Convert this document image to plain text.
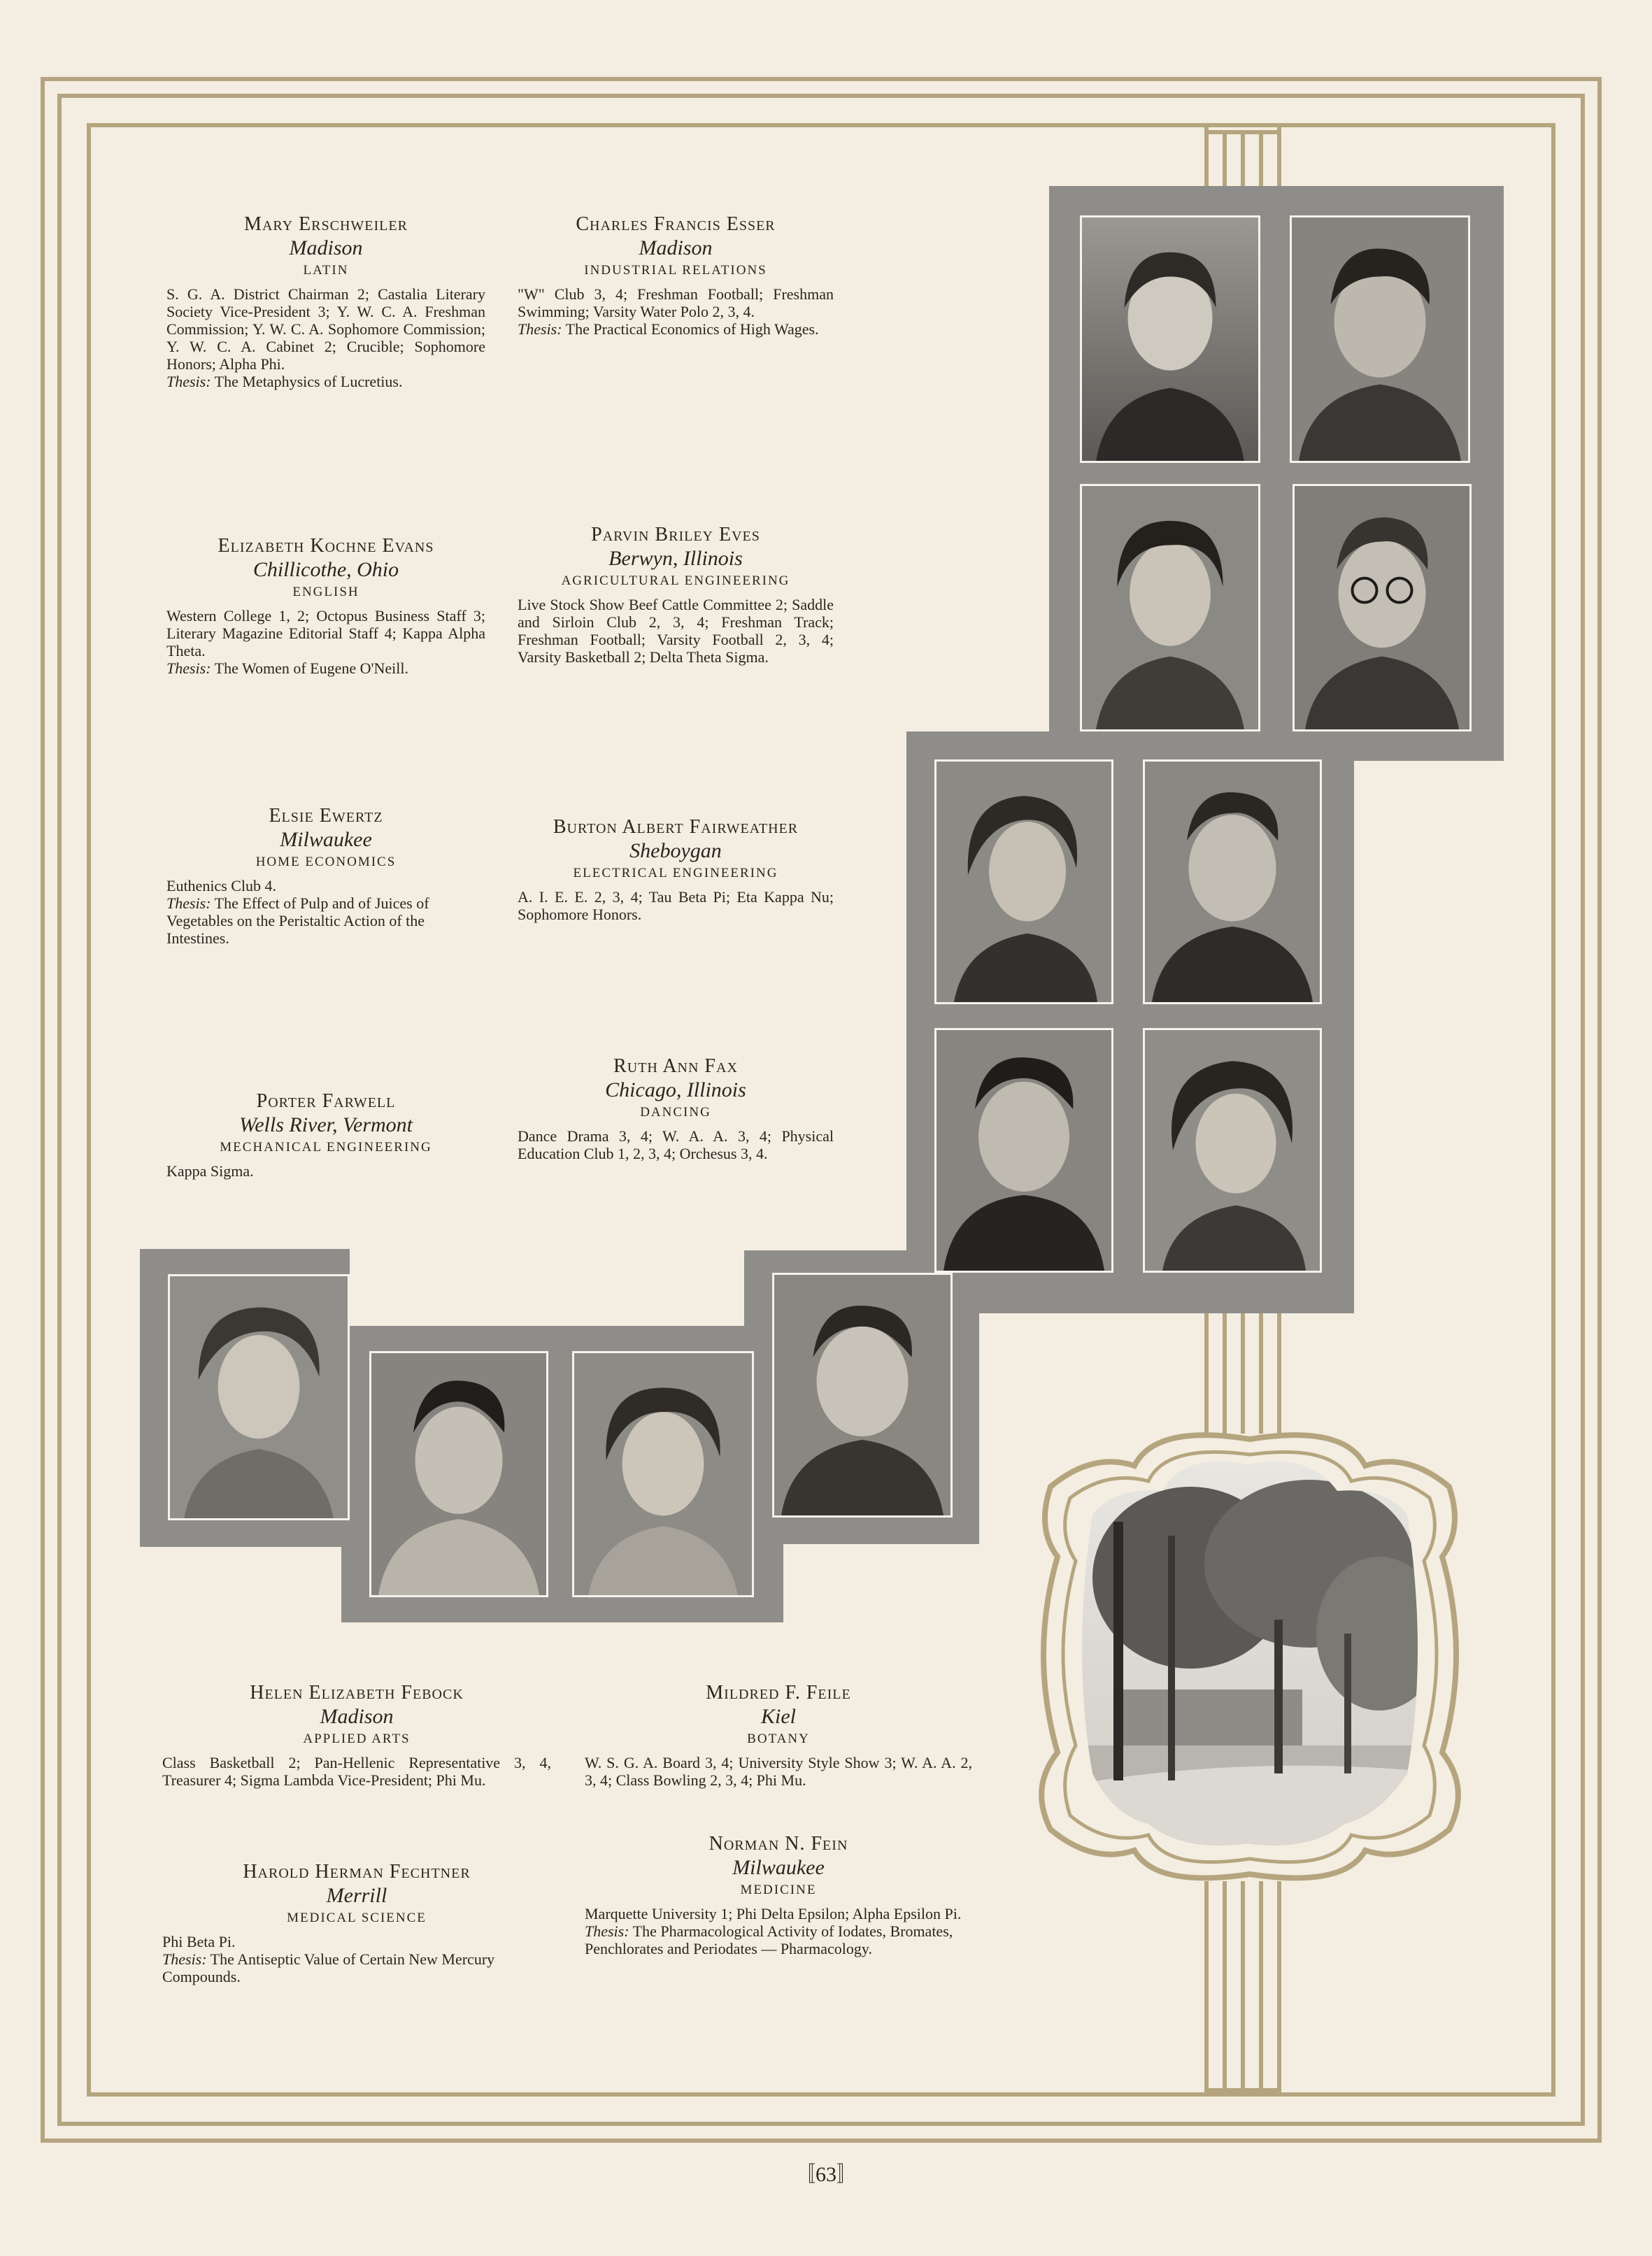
Mary Erschweiler
Madison
LATIN
S. G. A. District Chairman 2; Castalia Literary Society Vice-President 3; Y. W. C. A. Freshman Commission; Y. W. C. A. Sophomore Commission; Y. W. C. A. Cabinet 2; Crucible; Sophomore Honors; Alpha Phi.
Thesis: The Metaphysics of Lucretius.
Charles Francis Esser
Madison
INDUSTRIAL RELATIONS
"W" Club 3, 4; Freshman Football; Freshman Swimming; Varsity Water Polo 2, 3, 4.
Thesis: The Practical Economics of High Wages.
Elizabeth Kochne Evans
Chillicothe, Ohio
ENGLISH
Western College 1, 2; Octopus Business Staff 3; Literary Magazine Editorial Staff 4; Kappa Alpha Theta.
Thesis: The Women of Eugene O'Neill.
Parvin Briley Eves
Berwyn, Illinois
AGRICULTURAL ENGINEERING
Live Stock Show Beef Cattle Committee 2; Saddle and Sirloin Club 2, 3, 4; Freshman Track; Freshman Football; Varsity Football 2, 3, 4; Varsity Basketball 2; Delta Theta Sigma.
Elsie Ewertz
Milwaukee
HOME ECONOMICS
Euthenics Club 4.
Thesis: The Effect of Pulp and of Juices of Vegetables on the Peristaltic Action of the Intestines.
Burton Albert Fairweather
Sheboygan
ELECTRICAL ENGINEERING
A. I. E. E. 2, 3, 4; Tau Beta Pi; Eta Kappa Nu; Sophomore Honors.
Porter Farwell
Wells River, Vermont
MECHANICAL ENGINEERING
Kappa Sigma.
Ruth Ann Fax
Chicago, Illinois
DANCING
Dance Drama 3, 4; W. A. A. 3, 4; Physical Education Club 1, 2, 3, 4; Orchesus 3, 4.
Helen Elizabeth Febock
Madison
APPLIED ARTS
Class Basketball 2; Pan-Hellenic Representative 3, 4, Treasurer 4; Sigma Lambda Vice-President; Phi Mu.
Mildred F. Feile
Kiel
BOTANY
W. S. G. A. Board 3, 4; University Style Show 3; W. A. A. 2, 3, 4; Class Bowling 2, 3, 4; Phi Mu.
Harold Herman Fechtner
Merrill
MEDICAL SCIENCE
Phi Beta Pi.
Thesis: The Antiseptic Value of Certain New Mercury Compounds.
Norman N. Fein
Milwaukee
MEDICINE
Marquette University 1; Phi Delta Epsilon; Alpha Epsilon Pi.
Thesis: The Pharmacological Activity of Iodates, Bromates, Penchlorates and Periodates — Pharmacology.
〚63〛
